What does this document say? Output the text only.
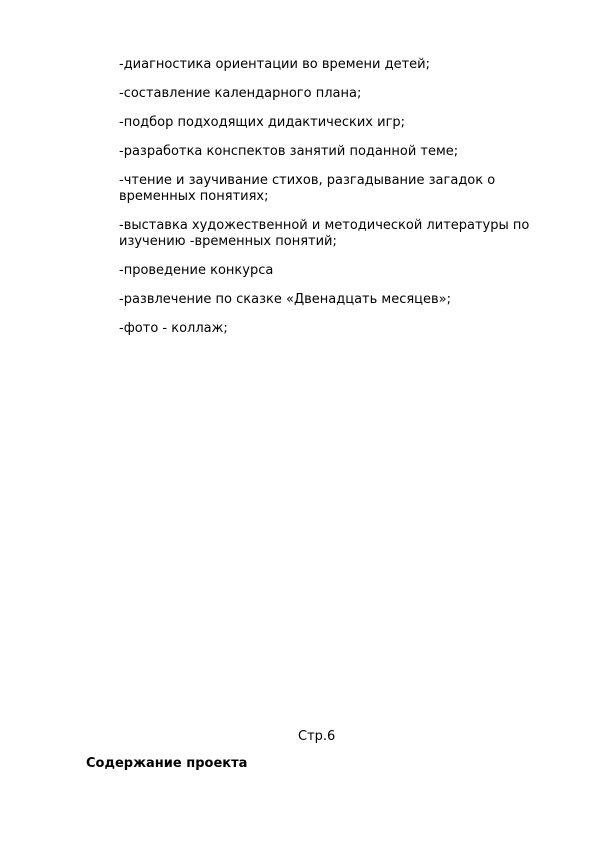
-диагностика ориентации во времени детей;
-составление календарного плана;
-подбор подходящих дидактических игр;
-разработка конспектов занятий поданной теме;
-чтение и заучивание стихов, разгадывание загадок о временных понятиях;
-выставка художественной и методической литературы по изучению -временных понятий;
-проведение конкурса
-развлечение по сказке «Двенадцать месяцев»;
-фото - коллаж;
Стр.6
Содержание проекта
